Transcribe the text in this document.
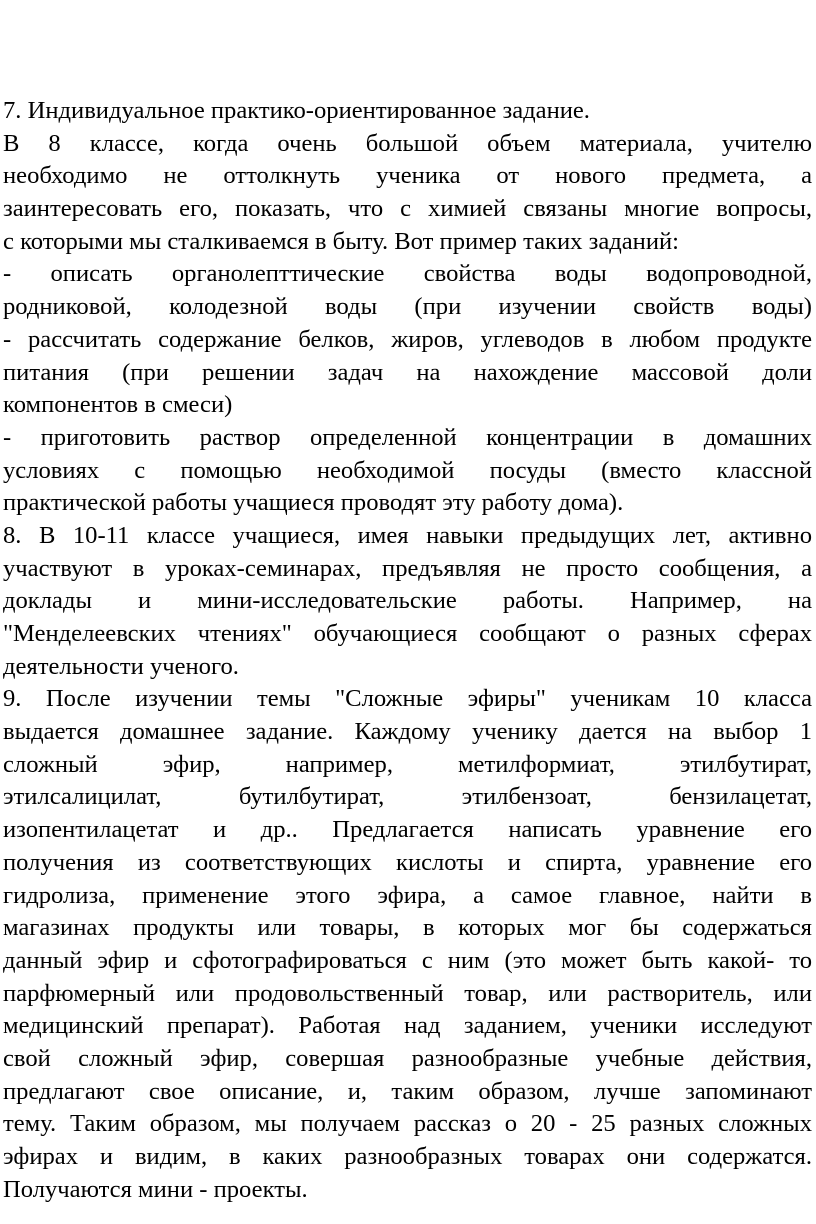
7. Индивидуальное практико-ориентированное задание.
В 8 классе, когда очень большой объем материала, учителю
необходимо не оттолкнуть ученика от нового предмета, а
заинтересовать его, показать, что с химией связаны многие вопросы,
с которыми мы сталкиваемся в быту. Вот пример таких заданий:
- описать органолепттические свойства воды водопроводной,
родниковой, колодезной воды (при изучении свойств воды)
- рассчитать содержание белков, жиров, углеводов в любом продукте
питания (при решении задач на нахождение массовой доли
компонентов в смеси)
- приготовить раствор определенной концентрации в домашних
условиях с помощью необходимой посуды (вместо классной
практической работы учащиеся проводят эту работу дома).
8. В 10-11 классе учащиеся, имея навыки предыдущих лет, активно
участвуют в уроках-семинарах, предъявляя не просто сообщения, а
доклады и мини-исследовательские работы. Например, на
"Менделеевских чтениях" обучающиеся сообщают о разных сферах
деятельности ученого.
9. После изучении темы "Сложные эфиры" ученикам 10 класса
выдается домашнее задание. Каждому ученику дается на выбор 1
сложный эфир, например, метилформиат, этилбутират,
этилсалицилат, бутилбутират, этилбензоат, бензилацетат,
изопентилацетат и др.. Предлагается написать уравнение его
получения из соответствующих кислоты и спирта, уравнение его
гидролиза, применение этого эфира, а самое главное, найти в
магазинах продукты или товары, в которых мог бы содержаться
данный эфир и сфотографироваться с ним (это может быть какой- то
парфюмерный или продовольственный товар, или растворитель, или
медицинский препарат). Работая над заданием, ученики исследуют
свой сложный эфир, совершая разнообразные учебные действия,
предлагают свое описание, и, таким образом, лучше запоминают
тему. Таким образом, мы получаем рассказ о 20 - 25 разных сложных
эфирах и видим, в каких разнообразных товарах они содержатся.
Получаются мини - проекты.
